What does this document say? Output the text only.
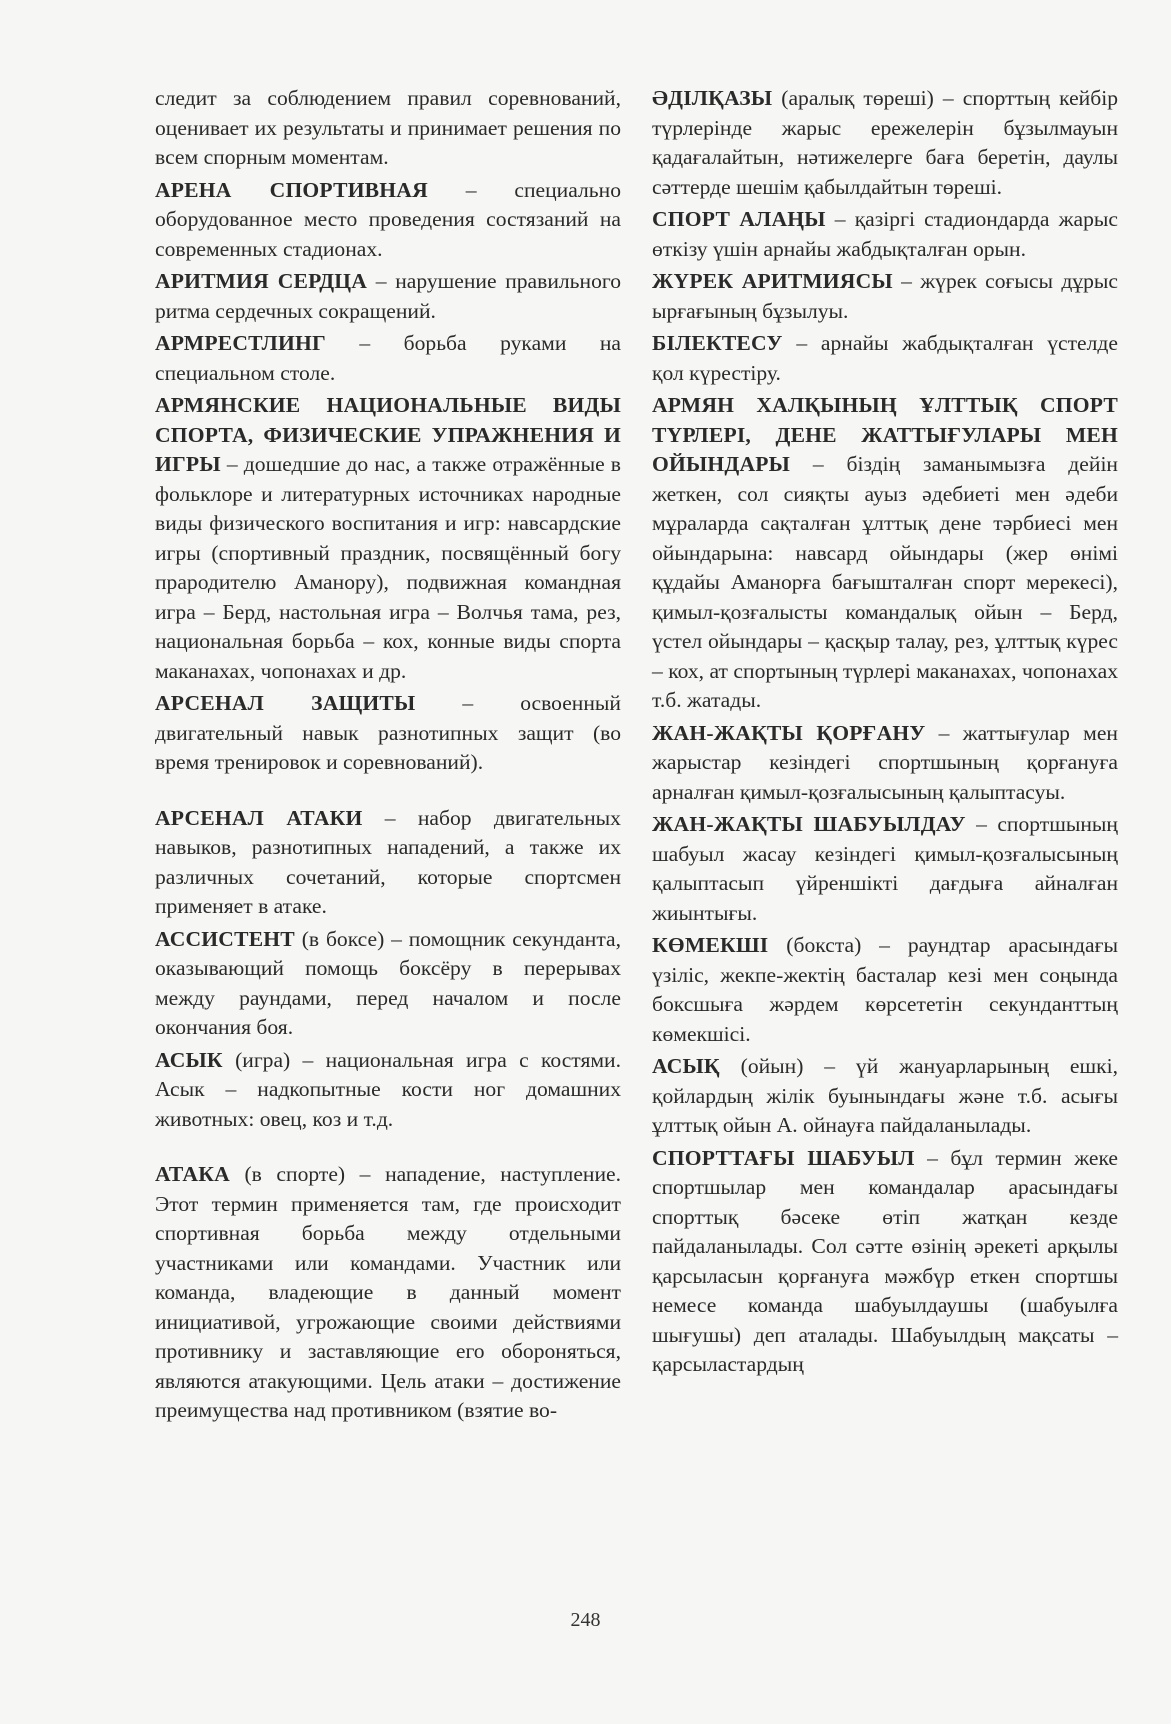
следит за соблюдением правил соревнований, оценивает их результаты и принимает решения по всем спорным моментам.

АРЕНА СПОРТИВНАЯ – специально оборудованное место проведения состязаний на современных стадионах.

АРИТМИЯ СЕРДЦА – нарушение правильного ритма сердечных сокращений.

АРМРЕСТЛИНГ – борьба руками на специальном столе.

АРМЯНСКИЕ НАЦИОНАЛЬНЫЕ ВИДЫ СПОРТА, ФИЗИЧЕСКИЕ УПРАЖНЕНИЯ И ИГРЫ – дошедшие до нас, а также отражённые в фольклоре и литературных источниках народные виды физического воспитания и игр: навсардские игры (спортивный праздник, посвящённый богу прародителю Аманору), подвижная командная игра – Берд, настольная игра – Волчья тама, рез, национальная борьба – кох, конные виды спорта маканахах, чопонахах и др.

АРСЕНАЛ ЗАЩИТЫ – освоенный двигательный навык разнотипных защит (во время тренировок и соревнований).

АРСЕНАЛ АТАКИ – набор двигательных навыков, разнотипных нападений, а также их различных сочетаний, которые спортсмен применяет в атаке.

АССИСТЕНТ (в боксе) – помощник секунданта, оказывающий помощь боксёру в перерывах между раундами, перед началом и после окончания боя.

АСЫК (игра) – национальная игра с костями. Асык – надкопытные кости ног домашних животных: овец, коз и т.д.

АТАКА (в спорте) – нападение, наступление. Этот термин применяется там, где происходит спортивная борьба между отдельными участниками или командами. Участник или команда, владеющие в данный момент инициативой, угрожающие своими действиями противнику и заставляющие его обороняться, являются атакующими. Цель атаки – достижение преимущества над противником (взятие во-

ӘДІЛҚАЗЫ (аралық төреші) – спорттың кейбір түрлерінде жарыс ережелерін бұзылмауын қадағалайтын, нәтижелерге баға беретін, даулы сәттерде шешім қабылдайтын төреші.

СПОРТ АЛАҢЫ – қазіргі стадиондарда жарыс өткізу үшін арнайы жабдықталған орын.

ЖҮРЕК АРИТМИЯСЫ – жүрек соғысы дұрыс ырғағының бұзылуы.

БІЛЕКТЕСУ – арнайы жабдықталған үстелде қол күрестіру.

АРМЯН ХАЛҚЫНЫҢ ҰЛТТЫҚ СПОРТ ТҮРЛЕРІ, ДЕНЕ ЖАТТЫҒУЛАРЫ МЕН ОЙЫНДАРЫ – біздің заманымызға дейін жеткен, сол сияқты ауыз әдебиеті мен әдеби мұраларда сақталған ұлттық дене тәрбиесі мен ойындарына: навсард ойындары (жер өнімі құдайы Аманорға бағышталған спорт мерекесі), қимыл-қозғалысты командалық ойын – Берд, үстел ойындары – қасқыр талау, рез, ұлттық күрес – кох, ат спортының түрлері маканахах, чопонахах т.б. жатады.

ЖАН-ЖАҚТЫ ҚОРҒАНУ – жаттығулар мен жарыстар кезіндегі спортшының қорғануға арналған қимыл-қозғалысының қалыптасуы.

ЖАН-ЖАҚТЫ ШАБУЫЛДАУ – спортшының шабуыл жасау кезіндегі қимыл-қозғалысының қалыптасып үйреншікті дағдыға айналған жиынтығы.

КӨМЕКШІ (бокста) – раундтар арасындағы үзіліс, жекпе-жектің басталар кезі мен соңында боксшыға жәрдем көрсететін секунданттың көмекшісі.

АСЫҚ (ойын) – үй жануарларының ешкі, қойлардың жілік буынындағы және т.б. асығы ұлттық ойын А. ойнауға пайдаланылады.

СПОРТТАҒЫ ШАБУЫЛ – бұл термин жеке спортшылар мен командалар арасындағы спорттық бәсеке өтіп жатқан кезде пайдаланылады. Сол сәтте өзінің әрекеті арқылы қарсыласын қорғануға мәжбүр еткен спортшы немесе команда шабуылдаушы (шабуылға шығушы) деп аталады. Шабуылдың мақсаты – қарсыластардың

248
